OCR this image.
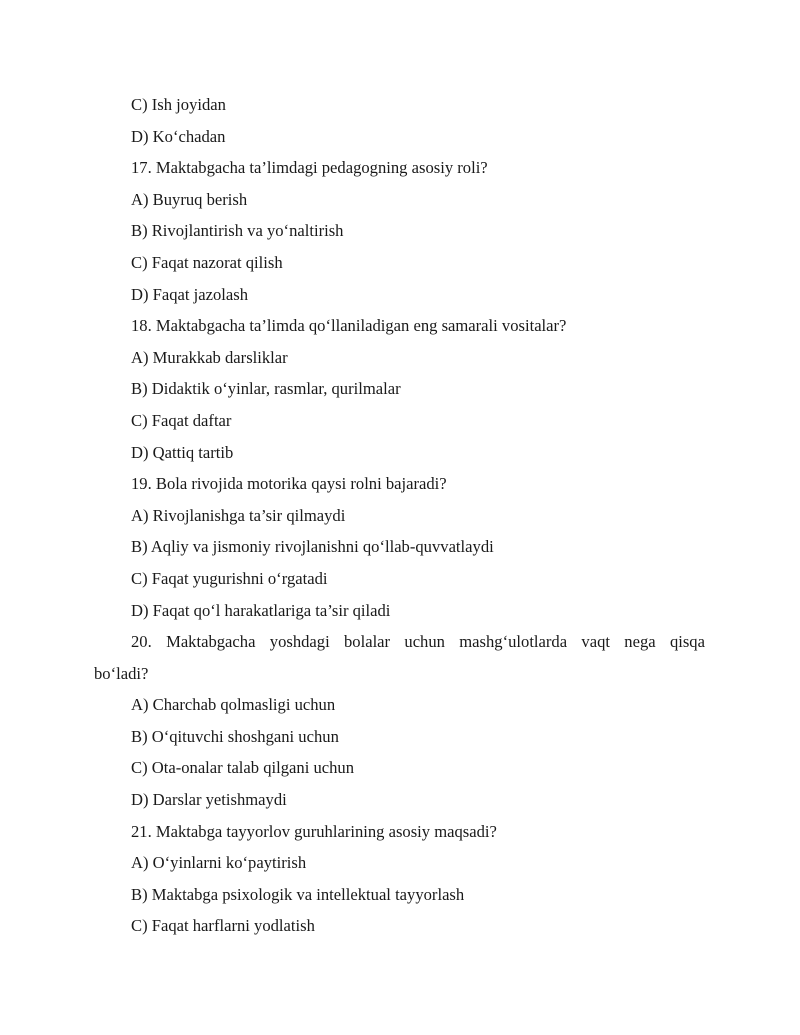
C) Ish joyidan
D) Ko‘chadan
17. Maktabgacha ta’limdagi pedagogning asosiy roli?
A) Buyruq berish
B) Rivojlantirish va yo‘naltirish
C) Faqat nazorat qilish
D) Faqat jazolash
18. Maktabgacha ta’limda qo‘llaniladigan eng samarali vositalar?
A) Murakkab darsliklar
B) Didaktik o‘yinlar, rasmlar, qurilmalar
C) Faqat daftar
D) Qattiq tartib
19. Bola rivojida motorika qaysi rolni bajaradi?
A) Rivojlanishga ta’sir qilmaydi
B) Aqliy va jismoniy rivojlanishni qo‘llab-quvvatlaydi
C) Faqat yugurishni o‘rgatadi
D) Faqat qo‘l harakatlariga ta’sir qiladi
20. Maktabgacha yoshdagi bolalar uchun mashg‘ulotlarda vaqt nega qisqa
bo‘ladi?
A) Charchab qolmasligi uchun
B) O‘qituvchi shoshgani uchun
C) Ota-onalar talab qilgani uchun
D) Darslar yetishmaydi
21. Maktabga tayyorlov guruhlarining asosiy maqsadi?
A) O‘yinlarni ko‘paytirish
B) Maktabga psixologik va intellektual tayyorlash
C) Faqat harflarni yodlatish
